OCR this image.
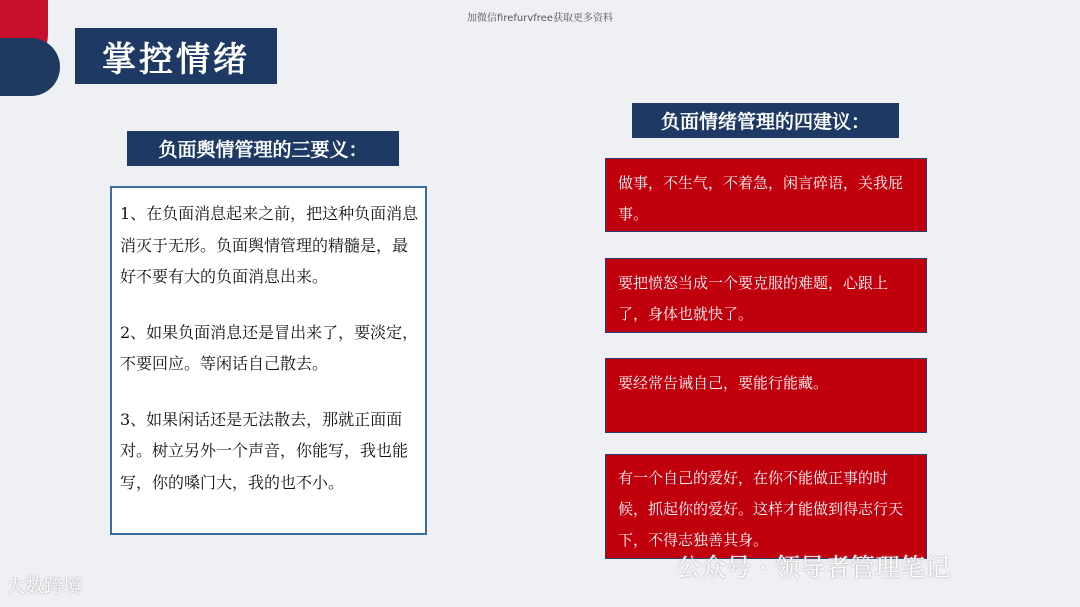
加微信firefurvfree获取更多资料
掌控情绪
负面舆情管理的三要义：

1、在负面消息起来之前，把这种负面消息消灭于无形。负面舆情管理的精髓是，最好不要有大的负面消息出来。

2、如果负面消息还是冒出来了，要淡定，不要回应。等闲话自己散去。

3、如果闲话还是无法散去，那就正面面对。树立另外一个声音，你能写，我也能写，你的嗓门大，我的也不小。

负面情绪管理的四建议：
做事，不生气，不着急，闲言碎语，关我屁事。
要把愤怒当成一个要克服的难题，心跟上了，身体也就快了。
要经常告诫自己，要能行能藏。
有一个自己的爱好，在你不能做正事的时候，抓起你的爱好。这样才能做到得志行天下，不得志独善其身。
大数跨境
公众号 · 领导者管理笔记
